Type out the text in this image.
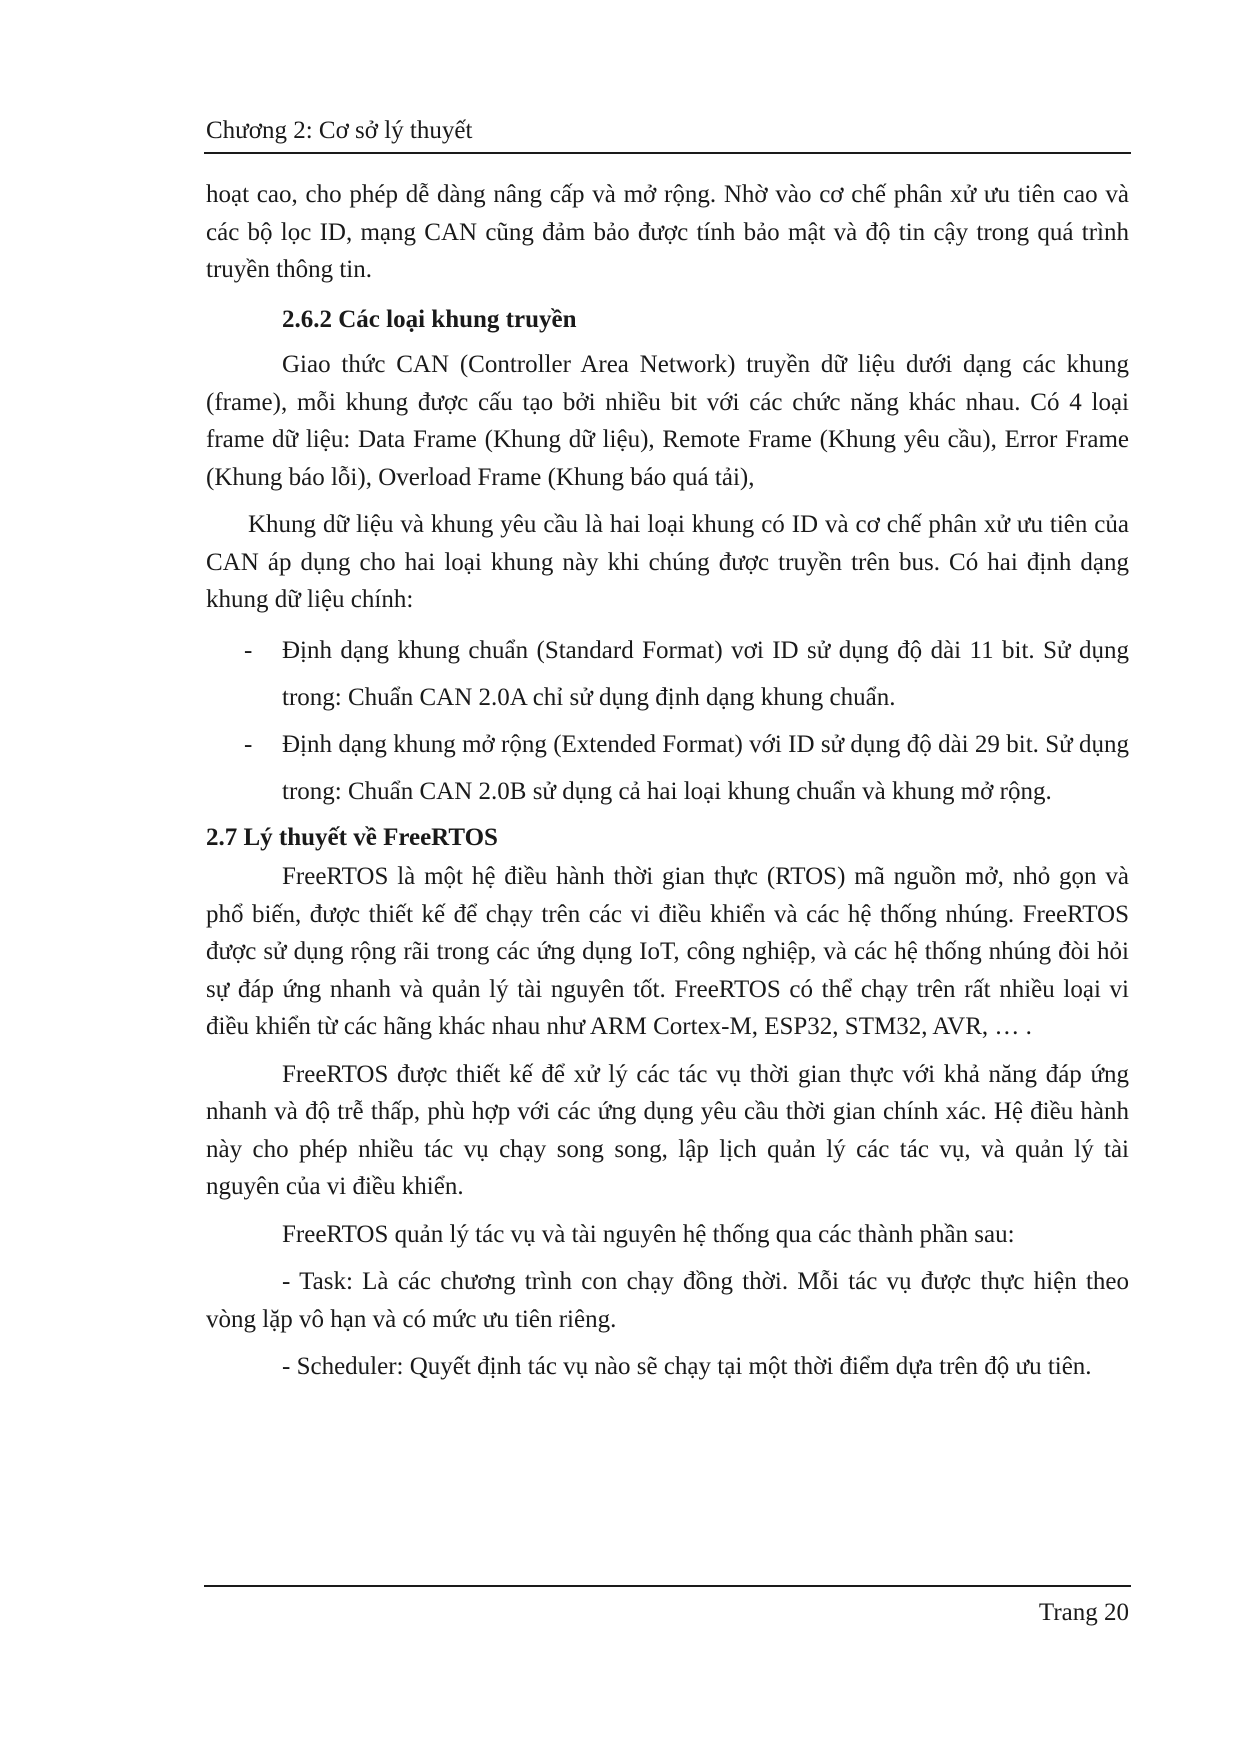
Chương 2: Cơ sở lý thuyết

hoạt cao, cho phép dễ dàng nâng cấp và mở rộng. Nhờ vào cơ chế phân xử ưu tiên cao và các bộ lọc ID, mạng CAN cũng đảm bảo được tính bảo mật và độ tin cậy trong quá trình truyền thông tin.

2.6.2 Các loại khung truyền

Giao thức CAN (Controller Area Network) truyền dữ liệu dưới dạng các khung (frame), mỗi khung được cấu tạo bởi nhiều bit với các chức năng khác nhau. Có 4 loại frame dữ liệu: Data Frame (Khung dữ liệu), Remote Frame (Khung yêu cầu), Error Frame (Khung báo lỗi), Overload Frame (Khung báo quá tải),

Khung dữ liệu và khung yêu cầu là hai loại khung có ID và cơ chế phân xử ưu tiên của CAN áp dụng cho hai loại khung này khi chúng được truyền trên bus. Có hai định dạng khung dữ liệu chính:

- Định dạng khung chuẩn (Standard Format) vơi ID sử dụng độ dài 11 bit. Sử dụng trong: Chuẩn CAN 2.0A chỉ sử dụng định dạng khung chuẩn.
- Định dạng khung mở rộng (Extended Format) với ID sử dụng độ dài 29 bit. Sử dụng trong: Chuẩn CAN 2.0B sử dụng cả hai loại khung chuẩn và khung mở rộng.
2.7 Lý thuyết về FreeRTOS

FreeRTOS là một hệ điều hành thời gian thực (RTOS) mã nguồn mở, nhỏ gọn và phổ biến, được thiết kế để chạy trên các vi điều khiển và các hệ thống nhúng. FreeRTOS được sử dụng rộng rãi trong các ứng dụng IoT, công nghiệp, và các hệ thống nhúng đòi hỏi sự đáp ứng nhanh và quản lý tài nguyên tốt. FreeRTOS có thể chạy trên rất nhiều loại vi điều khiển từ các hãng khác nhau như ARM Cortex-M, ESP32, STM32, AVR, … .

FreeRTOS được thiết kế để xử lý các tác vụ thời gian thực với khả năng đáp ứng nhanh và độ trễ thấp, phù hợp với các ứng dụng yêu cầu thời gian chính xác. Hệ điều hành này cho phép nhiều tác vụ chạy song song, lập lịch quản lý các tác vụ, và quản lý tài nguyên của vi điều khiển.

FreeRTOS quản lý tác vụ và tài nguyên hệ thống qua các thành phần sau:

- Task: Là các chương trình con chạy đồng thời. Mỗi tác vụ được thực hiện theo vòng lặp vô hạn và có mức ưu tiên riêng.

- Scheduler: Quyết định tác vụ nào sẽ chạy tại một thời điểm dựa trên độ ưu tiên.

Trang 20
